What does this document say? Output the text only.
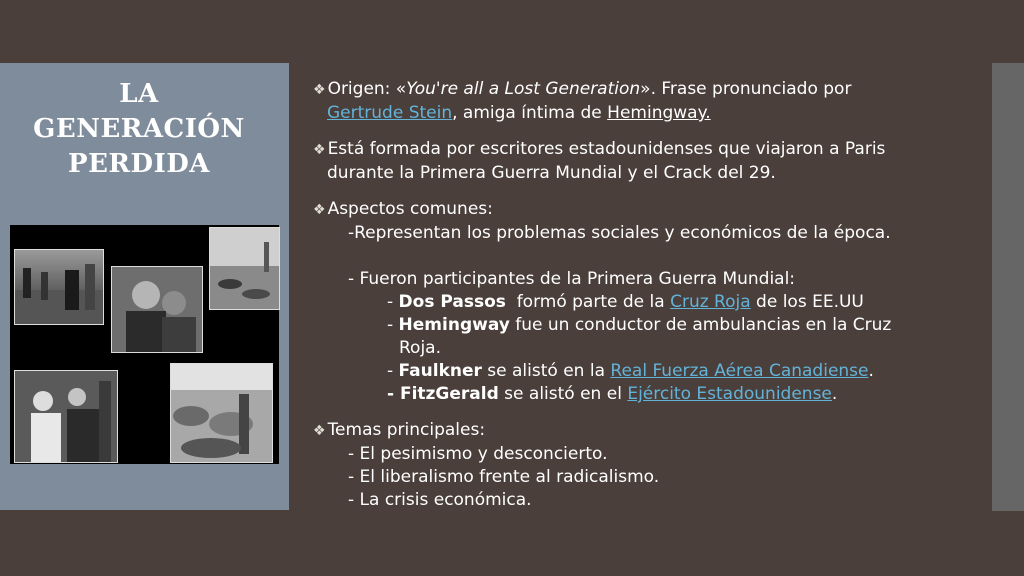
LA
GENERACIÓN
PERDIDA

❖ Origen: «You're all a Lost Generation». Frase pronunciado por

Gertrude Stein, amiga íntima de Hemingway.

❖ Está formada por escritores estadounidenses que viajaron a Paris

durante la Primera Guerra Mundial y el Crack del 29.

❖ Aspectos comunes:

-Representan los problemas sociales y económicos de la época.

- Fueron participantes de la Primera Guerra Mundial:

- Dos Passos  formó parte de la Cruz Roja de los EE.UU

- Hemingway fue un conductor de ambulancias en la Cruz

Roja.

- Faulkner se alistó en la Real Fuerza Aérea Canadiense.

- FitzGerald se alistó en el Ejército Estadounidense.

❖ Temas principales:

- El pesimismo y desconcierto.

- El liberalismo frente al radicalismo.

- La crisis económica.
